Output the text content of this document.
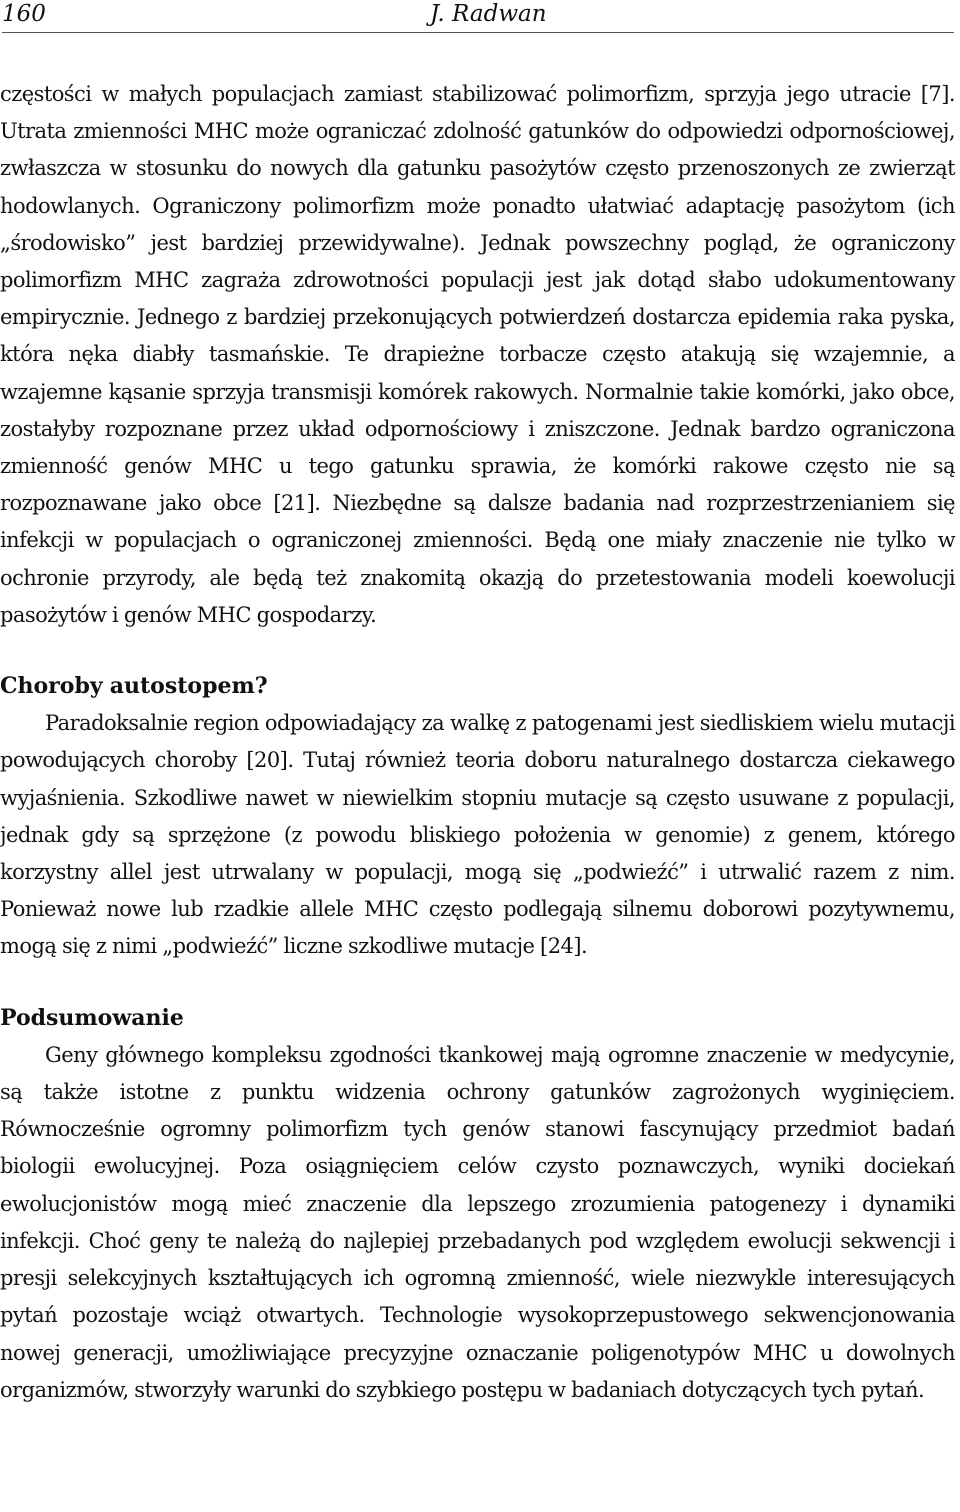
160	J. Radwan

częstości w małych populacjach zamiast stabilizować polimorfizm, sprzyja jego utracie [7]. Utrata zmienności MHC może ograniczać zdolność gatunków do odpowiedzi odpornościowej, zwłaszcza w stosunku do nowych dla gatunku pasożytów często przenoszonych ze zwierząt hodowlanych. Ograniczony polimorfizm może ponadto ułatwiać adaptację pasożytom (ich „środowisko” jest bardziej przewidywalne). Jednak powszechny pogląd, że ograniczony polimorfizm MHC zagraża zdrowotności populacji jest jak dotąd słabo udokumentowany empirycznie. Jednego z bardziej przekonujących potwierdzeń dostarcza epidemia raka pyska, która nęka diabły tasmańskie. Te drapieżne torbacze często atakują się wzajemnie, a wzajemne kąsanie sprzyja transmisji komórek rakowych. Normalnie takie komórki, jako obce, zostałyby rozpoznane przez układ odpornościowy i zniszczone. Jednak bardzo ograniczona zmienność genów MHC u tego gatunku sprawia, że komórki rakowe często nie są rozpoznawane jako obce [21]. Niezbędne są dalsze badania nad rozprzestrzenianiem się infekcji w populacjach o ograniczonej zmienności. Będą one miały znaczenie nie tylko w ochronie przyrody, ale będą też znakomitą okazją do przetestowania modeli koewolucji pasożytów i genów MHC gospodarzy.

Choroby autostopem?

Paradoksalnie region odpowiadający za walkę z patogenami jest siedliskiem wielu mutacji powodujących choroby [20]. Tutaj również teoria doboru naturalnego dostarcza ciekawego wyjaśnienia. Szkodliwe nawet w niewielkim stopniu mutacje są często usuwane z populacji, jednak gdy są sprzężone (z powodu bliskiego położenia w genomie) z genem, którego korzystny allel jest utrwalany w populacji, mogą się „podwieźć” i utrwalić razem z nim. Ponieważ nowe lub rzadkie allele MHC często podlegają silnemu doborowi pozytywnemu, mogą się z nimi „podwieźć” liczne szkodliwe mutacje [24].

Podsumowanie

Geny głównego kompleksu zgodności tkankowej mają ogromne znaczenie w medycynie, są także istotne z punktu widzenia ochrony gatunków zagrożonych wyginięciem. Równocześnie ogromny polimorfizm tych genów stanowi fascynujący przedmiot badań biologii ewolucyjnej. Poza osiągnięciem celów czysto poznawczych, wyniki dociekań ewolucjonistów mogą mieć znaczenie dla lepszego zrozumienia patogenezy i dynamiki infekcji. Choć geny te należą do najlepiej przebadanych pod względem ewolucji sekwencji i presji selekcyjnych kształtujących ich ogromną zmienność, wiele niezwykle interesujących pytań pozostaje wciąż otwartych. Technologie wysokoprzepustowego sekwencjonowania nowej generacji, umożliwiające precyzyjne oznaczanie poligenotypów MHC u dowolnych organizmów, stworzyły warunki do szybkiego postępu w badaniach dotyczących tych pytań.
